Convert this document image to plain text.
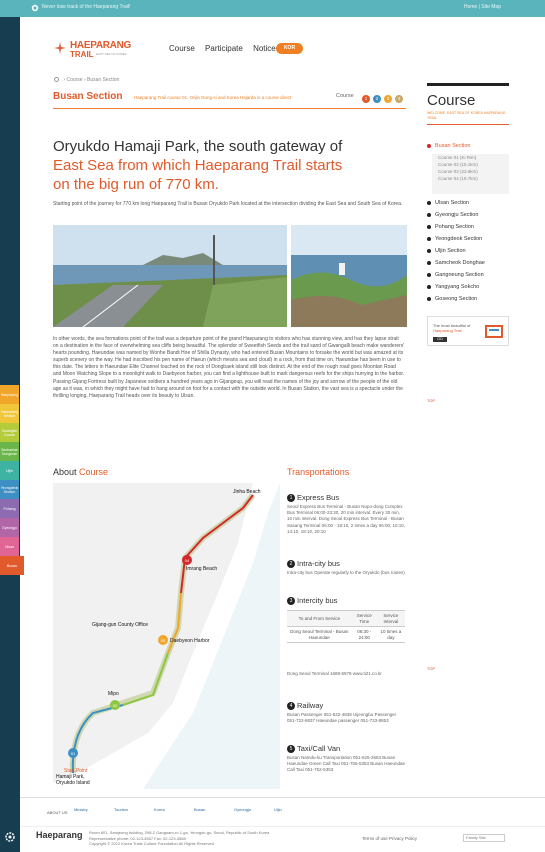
Never lose track of the Haeparang Trail!	Home | Site Map
Haeparang
Haeparang Section
Gwanglim Course
Seohaelae Dongmae
Uljin
Yeongdeok Section
Pohang
Gyeongju
Ulsan
Busan
HAEPARANG
TRAIL EAST SEA OF KOREA
Course Participate Notice	KOR
› Course › Busan Section
Busan Section	Haeparang Trail course 01. Orijin Dong-si and Korea Hajarda is a course direct	Course	1	2	3	4
Oryukdo Hamaji Park, the south gateway of
East Sea from which Haeparang Trail starts
on the big run of 770 km.

Starting point of the journey for 770 km long Haeparang Trail is Busan Oryukdo Park located at the intersection dividing the East Sea and South Sea of Korea.

In other words, the sea formations point of the trail was a departure point of the grand Haeparang to visitors who has stunning view, and has they lapse strait on a destination in the face of overwhelming sea cliffs being beautiful. The splendor of Sweetfish Seeds and the trail sand of Gwangalli beach make wanderers' hearts pounding. Haeundae was named by Wonhe Bandi Hoe of Shilla Dynasty, who had entered Busan Mountains to forsake the world but was amazed at its superb scenery on the way. He had inscribed his pen name of Haeun (which means sea and cloud) in a rock, from that time on, Haeundae has been in use to this date. The letters in Haeundae Elite Channel touched on the rock of Dongbaek island still look distinct. At the end of the rough road goes Moontan Road and Moon Watching Slope to a moonlight walk to Daebyeon harbor, you can find a lighthouse built to mark dangerous reefs for the ships hurrying to the harbor. Passing Gijang Fortress built by Japanese soldiers a hundred years ago in Gijangeup, you will read the names of the joy and sorrow of the people of the old age as it was, in which they might have had to hang around on foot for a contact with the outside world. In Busan Station, the vast sea is a spectacle under the thrilling longing, Haeparang Trail heads over its beauty to Ulsan.

About Course
01
02
03
04
Jinha Beach
Imrang Beach
Gijang-gun County Office
Daebyeon Harbor
Mipo
Start Point
Hamaji Park,
Oryukdo Island
Transportations
1 Express Bus
Seoul Express Bus Terminal - Busan Nopo-dong Complex Bus Terminal 06:00-23:30, 20 min interval. Every 30 min, 10 min interval. Dong Seoul Express Bus Terminal - Busan Sasang Terminal 06:00 - 18:10, 2 times a day 06:00, 10:10, 14:10, 18:10, 20:10
2 Intra-city bus
Intra-city bus Operate regularly to the Oryukdo (bus routes)
3 Intercity bus
To and From Service	Service Time	Service Interval
Dong Seoul Terminal - Busan Haeundae	06:30 - 24:00	10 times a day
Dong Seoul Terminal 1688-5979 www.ti21.co.kr
4 Railway
Busan Passenger 051-522-4838 Uijeongbu Passenger 051-722-8837 Haeundae passenger 051-733-8853
5 Taxi/Call Van
Busan Namdu-ku Transportation 051-625-2553 Busan Haeundae Green Call Taxi 051-755-5353 Busan Haeundae Call Taxi 051-752-5353
Course
WELCOME, EAST SEA OF KOREA HAEPARANG TRAIL
Busan Section
Course 01 (Ki Rim)
Course 02 (15.1km)
Course 03 (23.5km)
Course 04 (18.7km)
Ulsan Section
Gyeongju Section
Pohang Section
Yeongdeok Section
Uljin Section
Samcheok Donghae
Gangneung Section
Yangyang Sokcho
Goseong Section
The most beautiful of
Haeparang Trail
GO
TOP
TOP
ABOUT US
Ministry	Tourism	Korea	Busan	Gyeongju	Uljin
Haeparang Room 801, Samjeong building, 298-2 Gangnam-ro 1-ga, Yeongdo-gu, Seoul, Republic of South Korea
Representative phone: 02-123-4567 Fax: 02-123-4568
Copyright © 2012 Korea Trails Culture Foundation All Rights Reserved
Terms of use Privacy Policy	Family Site
